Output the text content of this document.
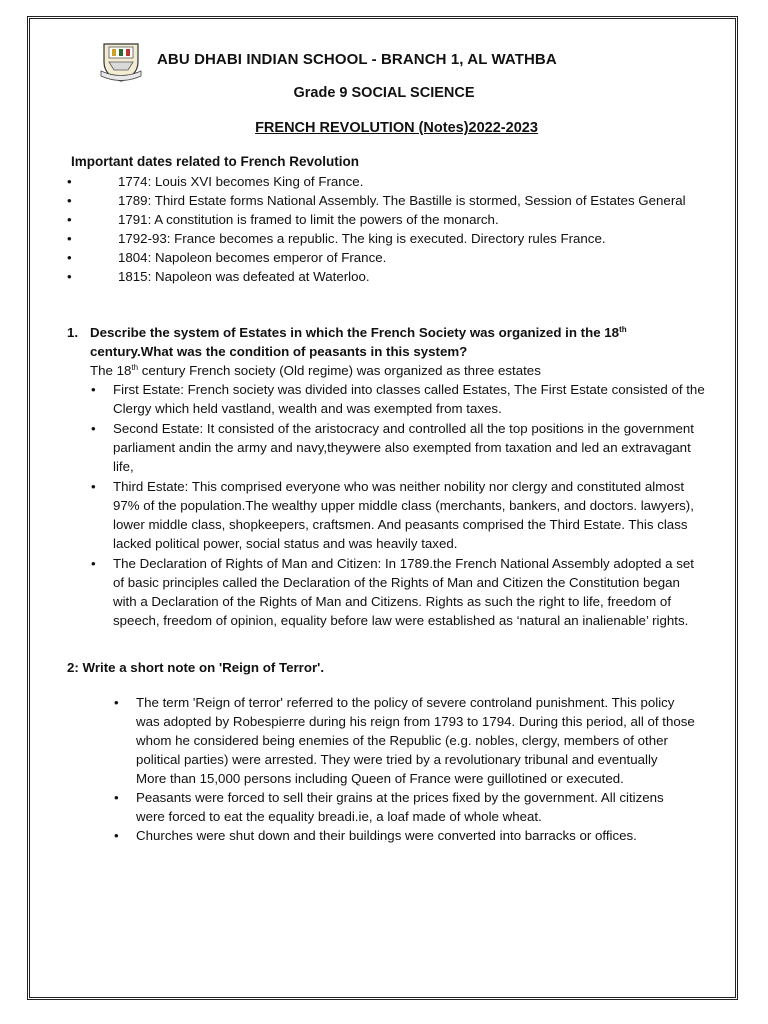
ABU DHABI INDIAN SCHOOL - BRANCH 1, AL WATHBA
Grade 9 SOCIAL SCIENCE
FRENCH REVOLUTION (Notes)2022-2023
Important dates related to French Revolution
•	1774: Louis XVI becomes King of France.
•	1789: Third Estate forms National Assembly. The Bastille is stormed, Session of Estates General
•	1791: A constitution is framed to limit the powers of the monarch.
•	1792-93: France becomes a republic. The king is executed. Directory rules France.
•	1804: Napoleon becomes emperor of France.
•	1815: Napoleon was defeated at Waterloo.
1. Describe the system of Estates in which the French Society was organized in the 18th
century.What was the condition of peasants in this system?
The 18th century French society (Old regime) was organized as three estates
• First Estate: French society was divided into classes called Estates, The First Estate consisted of the Clergy which held vastland, wealth and was exempted from taxes.
• Second Estate: It consisted of the aristocracy and controlled all the top positions in the government parliament andin the army and navy,theywere also exempted from taxation and led an extravagant life,
• Third Estate: This comprised everyone who was neither nobility nor clergy and constituted almost 97% of the population.The wealthy upper middle class (merchants, bankers, and doctors. lawyers), lower middle class, shopkeepers, craftsmen. And peasants comprised the Third Estate. This class lacked political power, social status and was heavily taxed.
• The Declaration of Rights of Man and Citizen: In 1789.the French National Assembly adopted a set of basic principles called the Declaration of the Rights of Man and Citizen the Constitution began with a Declaration of the Rights of Man and Citizens. Rights as such the right to life, freedom of speech, freedom of opinion, equality before law were established as ‘natural an inalienable’ rights.
2: Write a short note on 'Reign of Terror'.
• The term 'Reign of terror' referred to the policy of severe controland punishment. This policy was adopted by Robespierre during his reign from 1793 to 1794. During this period, all of those whom he considered being enemies of the Republic (e.g. nobles, clergy, members of other political parties) were arrested. They were tried by a revolutionary tribunal and eventually
More than 15,000 persons including Queen of France were guillotined or executed.
• Peasants were forced to sell their grains at the prices fixed by the government. All citizens were forced to eat the equality breadi.ie, a loaf made of whole wheat.
• Churches were shut down and their buildings were converted into barracks or offices.
